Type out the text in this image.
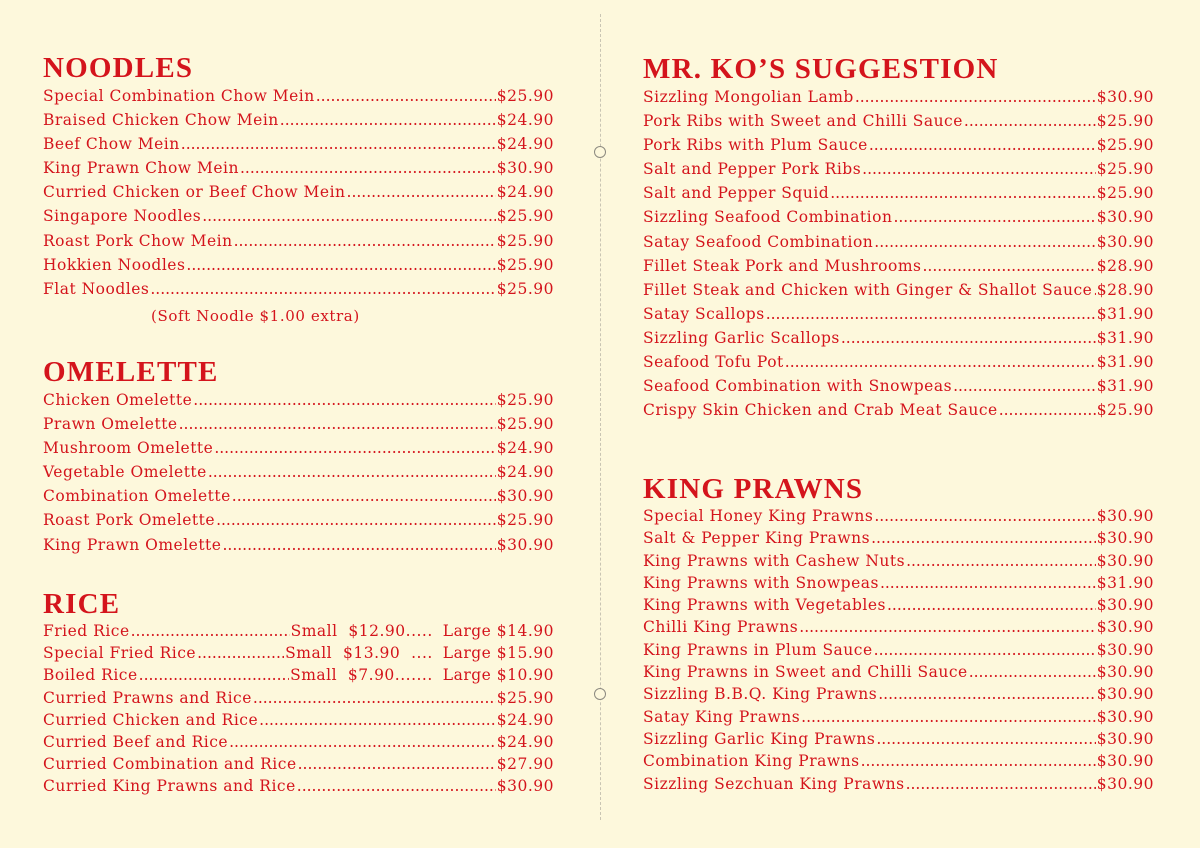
NOODLES
Special Combination Chow Mein .....	$25.90
Braised Chicken Chow Mein .....	$24.90
Beef Chow Mein .....	$24.90
King Prawn Chow Mein .....	$30.90
Curried Chicken or Beef Chow Mein .....	$24.90
Singapore Noodles .....	$25.90
Roast Pork Chow Mein .....	$25.90
Hokkien Noodles .....	$25.90
Flat Noodles .....	$25.90
(Soft Noodle $1.00 extra)
OMELETTE
Chicken Omelette .....	$25.90
Prawn Omelette .....	$25.90
Mushroom Omelette .....	$24.90
Vegetable Omelette .....	$24.90
Combination Omelette .....	$30.90
Roast Pork Omelette .....	$25.90
King Prawn Omelette .....	$30.90
RICE
Fried Rice .....	Small  $12.90..... Large $14.90
Special Fried Rice .....	Small  $13.90  .... Large $15.90
Boiled Rice .....	Small  $7.90....... Large $10.90
Curried Prawns and Rice .....	$25.90
Curried Chicken and Rice .....	$24.90
Curried Beef and Rice .....	$24.90
Curried Combination and Rice .....	$27.90
Curried King Prawns and Rice .....	$30.90
MR. KO’S SUGGESTION
Sizzling Mongolian Lamb .....	$30.90
Pork Ribs with Sweet and Chilli Sauce .....	$25.90
Pork Ribs with Plum Sauce .....	$25.90
Salt and Pepper Pork Ribs .....	$25.90
Salt and Pepper Squid .....	$25.90
Sizzling Seafood Combination .....	$30.90
Satay Seafood Combination .....	$30.90
Fillet Steak Pork and Mushrooms .....	$28.90
Fillet Steak and Chicken with Ginger & Shallot Sauce ..... $28.90
Satay Scallops .....	$31.90
Sizzling Garlic Scallops .....	$31.90
Seafood Tofu Pot .....	$31.90
Seafood Combination with Snowpeas .....	$31.90
Crispy Skin Chicken and Crab Meat Sauce .....	$25.90
KING PRAWNS
Special Honey King Prawns .....	$30.90
Salt & Pepper King Prawns .....	$30.90
King Prawns with Cashew Nuts .....	$30.90
King Prawns with Snowpeas .....	$31.90
King Prawns with Vegetables .....	$30.90
Chilli King Prawns .....	$30.90
King Prawns in Plum Sauce .....	$30.90
King Prawns in Sweet and Chilli Sauce .....	$30.90
Sizzling B.B.Q. King Prawns .....	$30.90
Satay King Prawns .....	$30.90
Sizzling Garlic King Prawns .....	$30.90
Combination King Prawns .....	$30.90
Sizzling Sezchuan King Prawns .....	$30.90
